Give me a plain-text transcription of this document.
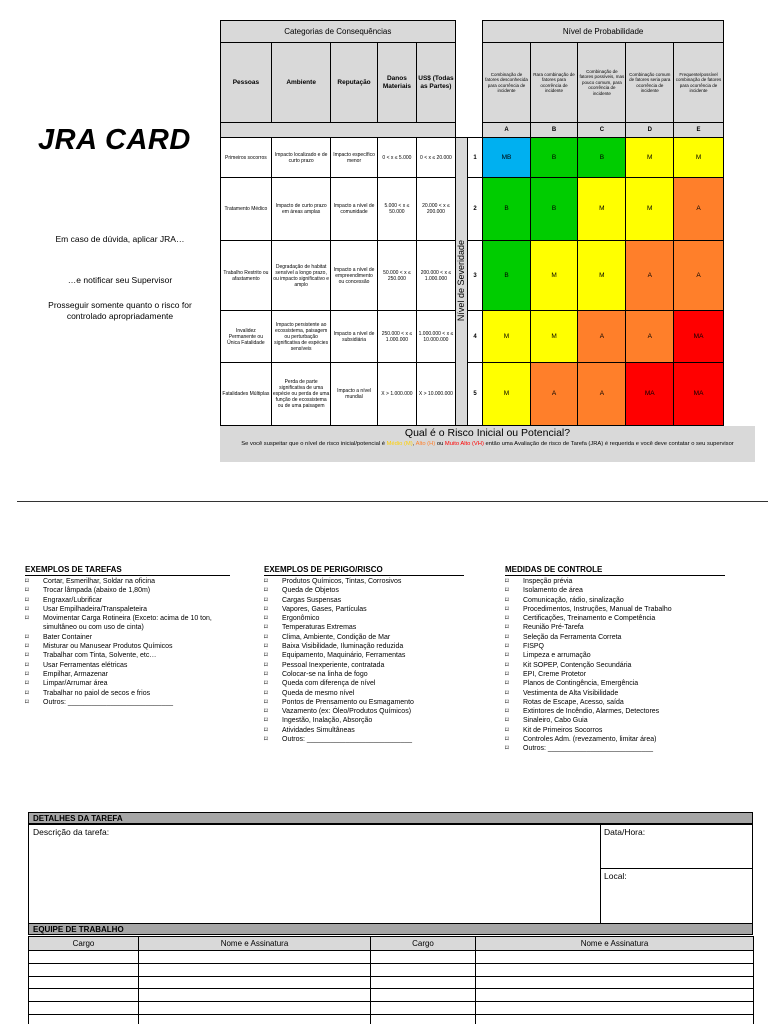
JRA CARD
Em caso de dúvida, aplicar JRA…
…e notificar seu Supervisor
Prosseguir somente quanto o risco for controlado apropriadamente
Categorias de Consequências							Nível de Probabilidade				
Pessoas	Ambiente	Reputação	Danos Materiais	US$ (Todas as Partes)			Combinação de fatores desconhecida para ocorrência de incidente	Rara combinação de fatores para ocorrência de incidente	Combinação de fatores possíveis, mas pouco comum, para ocorrência de incidente	Combinação comum de fatores seria para ocorrência de incidente	Frequente/possível combinação de fatores para ocorrência de incidente
							A	B	C	D	E
Primeiros socorros	Impacto localizado e de curto prazo	Impacto específico menor	0 < x ≤ 5.000	0 < x ≤ 20.000	Nível de Severidade	1	MB	B	B	M	M
Tratamento Médico	Impacto de curto prazo em áreas amplas	Impacto a nível de comunidade	5.000 < x ≤ 50.000	20.000 < x ≤ 200.000		2	B	B	M	M	A
Trabalho Restrito ou afastamento	Degradação de habitat sensível a longo prazo, ou impacto significativo e amplo	Impacto a nível de empreendimento ou concessão	50.000 < x ≤ 250.000	200.000 < x ≤ 1.000.000		3	B	M	M	A	A
Invalidez Permanente ou Única Fatalidade	Impacto persistente ao ecossistema, paisagem ou perturbação significativa de espécies sensíveis	Impacto a nível de subsidiária	250.000 < x ≤ 1.000.000	1.000.000 < x ≤ 10.000.000		4	M	M	A	A	MA
Fatalidades Múltiplas	Perda de parte significativa de uma espécie ou perda de uma função de ecossistema ou de uma paisagem	Impacto a nível mundial	X > 1.000.000	X > 10.000.000		5	M	A	A	MA	MA
Qual é o Risco Inicial ou Potencial?
Se você suspeitar que o nível de risco inicial/potencial é Médio (M), Alto (H) ou Muito Alto (VH) então uma Avaliação de risco de Tarefa (JRA) é requerida e você deve contatar o seu supervisor
EXEMPLOS DE TAREFAS
⌑	Cortar, Esmerilhar, Soldar na oficina
⌑	Trocar lâmpada (abaixo de 1,80m)
⌑	Engraxar/Lubrificar
⌑	Usar Empilhadeira/Transpaleteira
⌑	Movimentar Carga Rotineira (Exceto: acima de 10 ton, simultâneo ou com uso de cinta)
⌑	Bater Container
⌑	Misturar ou Manusear Produtos Químicos
⌑	Trabalhar com Tinta, Solvente, etc…
⌑	Usar Ferramentas elétricas
⌑	Empilhar, Armazenar
⌑	Limpar/Arrumar área
⌑	Trabalhar no paiol de secos e frios
⌑	Outros: ___________________________
EXEMPLOS DE PERIGO/RISCO
⌑	Produtos Químicos, Tintas, Corrosivos
⌑	Queda de Objetos
⌑	Cargas Suspensas
⌑	Vapores, Gases, Partículas
⌑	Ergonômico
⌑	Temperaturas Extremas
⌑	Clima, Ambiente, Condição de Mar
⌑	Baixa Visibilidade, Iluminação reduzida
⌑	Equipamento, Maquinário, Ferramentas
⌑	Pessoal Inexperiente, contratada
⌑	Colocar-se na linha de fogo
⌑	Queda com diferença de nível
⌑	Queda de mesmo nível
⌑	Pontos de Prensamento ou Esmagamento
⌑	Vazamento (ex: Óleo/Produtos Químicos)
⌑	Ingestão, Inalação, Absorção
⌑	Atividades Simultâneas
⌑	Outros: ___________________________
MEDIDAS DE CONTROLE
⌑	Inspeção prévia
⌑	Isolamento de área
⌑	Comunicação, rádio, sinalização
⌑	Procedimentos, Instruções, Manual de Trabalho
⌑	Certificações, Treinamento e Competência
⌑	Reunião Pré-Tarefa
⌑	Seleção da Ferramenta Correta
⌑	FISPQ
⌑	Limpeza e arrumação
⌑	Kit SOPEP, Contenção Secundária
⌑	EPI, Creme Protetor
⌑	Planos de Contingência, Emergência
⌑	Vestimenta de Alta Visibilidade
⌑	Rotas de Escape, Acesso, saída
⌑	Extintores de Incêndio, Alarmes, Detectores
⌑	Sinaleiro, Cabo Guia
⌑	Kit de Primeiros Socorros
⌑	Controles Adm. (revezamento, limitar área)
⌑	Outros: ___________________________
DETALHES DA TAREFA
Descrição da tarefa:	Data/Hora:
Local:
EQUIPE DE TRABALHO
Cargo	Nome e Assinatura	Cargo	Nome e Assinatura
